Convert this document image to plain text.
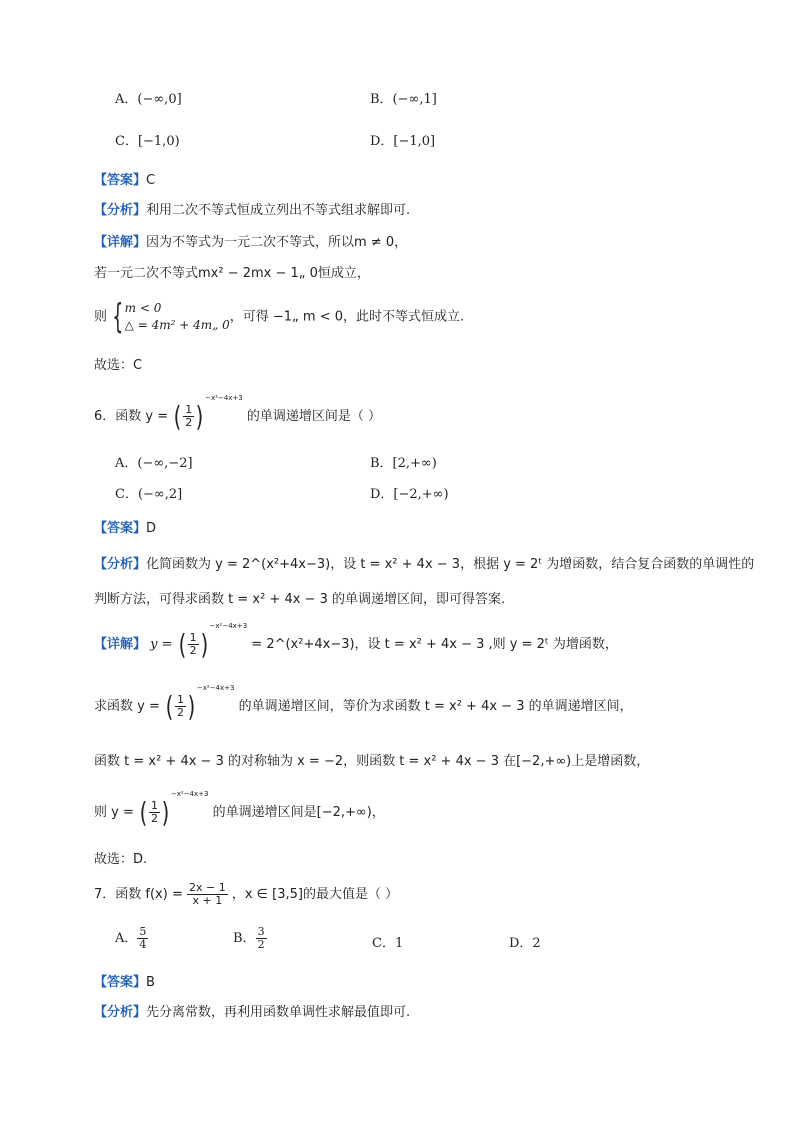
A．(−∞,0]	B．(−∞,1]
C．[−1,0)	D．[−1,0]
【答案】C
【分析】利用二次不等式恒成立列出不等式组求解即可.
【详解】因为不等式为一元二次不等式，所以m ≠ 0，
若一元二次不等式mx² − 2mx − 1„ 0恒成立，
则 { m < 0
△ = 4m² + 4m„ 0
，可得 −1„ m < 0，此时不等式恒成立.
故选：C
6．函数 y = ( $\frac{1}{2} )^{-x^2-4x+3}$ 的单调递增区间是（ ）
A．(−∞,−2]	B．[2,+∞)
C．(−∞,2]	D．[−2,+∞)
【答案】D
【分析】化简函数为 y = 2^(x²+4x−3)，设 t = x² + 4x − 3，根据 y = 2ᵗ 为增函数，结合复合函数的单调性的
判断方法，可得求函数 t = x² + 4x − 3 的单调递增区间，即可得答案.
【详解】 y = ( $\frac{1}{2} )^{-x^2-4x+3}$ = 2^(x²+4x−3)，设 t = x² + 4x − 3 ,则 y = 2ᵗ 为增函数，
求函数 y = ( $\frac{1}{2} )^{-x^2-4x+3}$ 的单调递增区间，等价为求函数 t = x² + 4x − 3 的单调递增区间，
函数 t = x² + 4x − 3 的对称轴为 x = −2，则函数 t = x² + 4x − 3 在[−2,+∞)上是增函数，
则 y = ( $\frac{1}{2} )^{-x^2-4x+3}$ 的单调递增区间是[−2,+∞)，
故选：D.
7．函数 $f(x) = \frac{2x - 1}{x + 1}$ ，x ∈ [3,5]的最大值是（ ）
A． $\frac{5}{4}$	B． $\frac{3}{2}$	C．1	D．2
【答案】B
【分析】先分离常数，再利用函数单调性求解最值即可.
